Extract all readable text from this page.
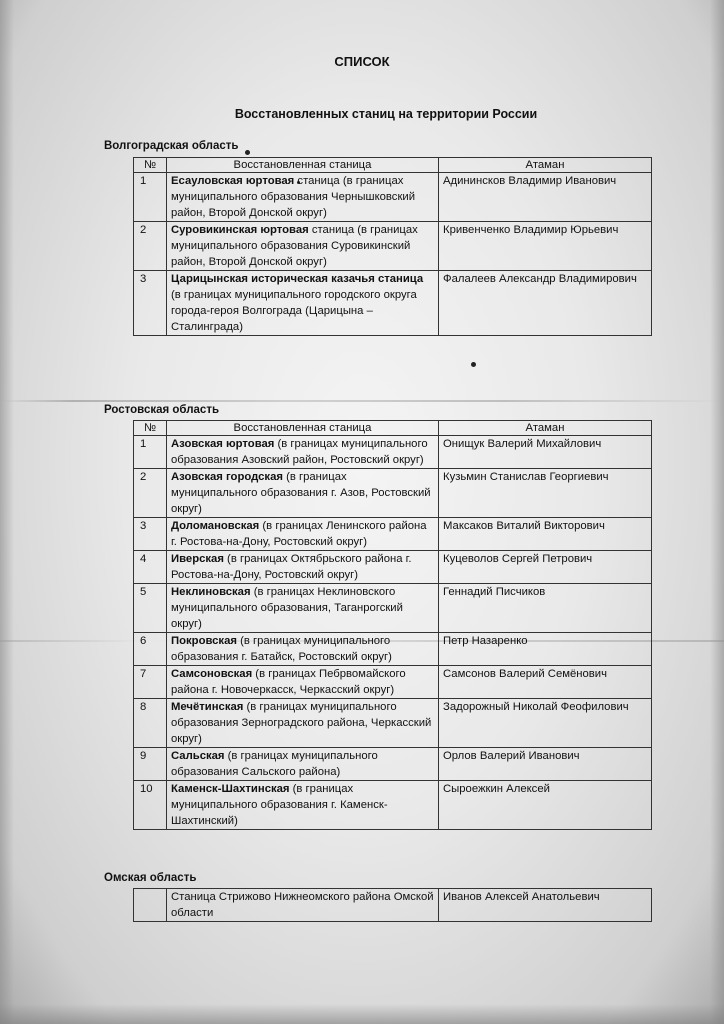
СПИСОК
Восстановленных станиц на территории России
Волгоградская область
№	Восстановленная станица	Атаман
1	Есауловская юртовая станица (в границах муниципального образования Чернышковский район, Второй Донской округ)	Адининсков Владимир Иванович
2	Суровикинская юртовая станица (в границах муниципального образования Суровикинский район, Второй Донской округ)	Кривенченко Владимир Юрьевич
3	Царицынская историческая казачья станица (в границах муниципального городского округа города-героя Волгограда (Царицына – Сталинграда)	Фалалеев Александр Владимирович
Ростовская область
№	Восстановленная станица	Атаман
1	Азовская юртовая (в границах муниципального образования Азовский район, Ростовский округ)	Онищук Валерий Михайлович
2	Азовская городская (в границах муниципального образования г. Азов, Ростовский округ)	Кузьмин Станислав Георгиевич
3	Доломановская (в границах Ленинского района г. Ростова-на-Дону, Ростовский округ)	Максаков Виталий Викторович
4	Иверская (в границах Октябрьского района г. Ростова-на-Дону, Ростовский округ)	Куцеволов Сергей Петрович
5	Неклиновская (в границах Неклиновского муниципального образования, Таганрогский округ)	Геннадий Писчиков
6	Покровская (в границах муниципального образования г. Батайск, Ростовский округ)	Петр Назаренко
7	Самсоновская (в границах Пебрвомайского района г. Новочеркасск, Черкасский округ)	Самсонов Валерий Семёнович
8	Мечётинская (в границах муниципального образования Зерноградского района, Черкасский округ)	Задорожный Николай Феофилович
9	Сальская (в границах муниципального образования Сальского района)	Орлов Валерий Иванович
10	Каменск-Шахтинская (в границах муниципального образования г. Каменск-Шахтинский)	Сыроежкин Алексей
Омская область
	Станица Стрижово Нижнеомского района Омской области	Иванов Алексей Анатольевич
